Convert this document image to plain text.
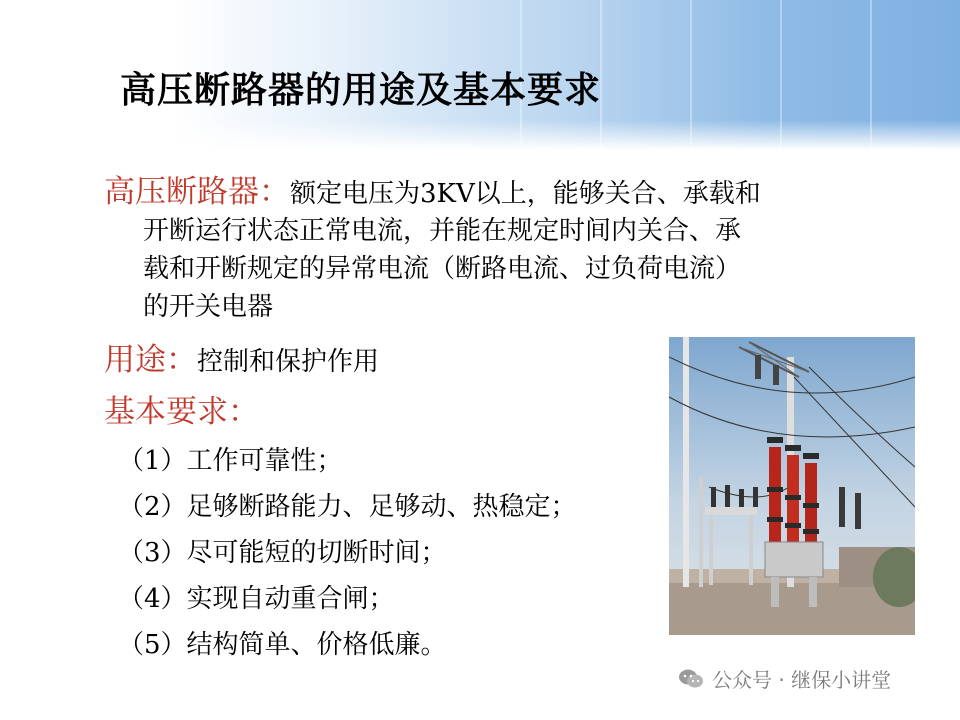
高压断路器的用途及基本要求
高压断路器：额定电压为3KV以上，能够关合、承载和
开断运行状态正常电流，并能在规定时间内关合、承
载和开断规定的异常电流（断路电流、过负荷电流）
的开关电器
用途：控制和保护作用
基本要求：
（1）工作可靠性；
（2）足够断路能力、足够动、热稳定；
（3）尽可能短的切断时间；
（4）实现自动重合闸；
（5）结构简单、价格低廉。
公众号 · 继保小讲堂
